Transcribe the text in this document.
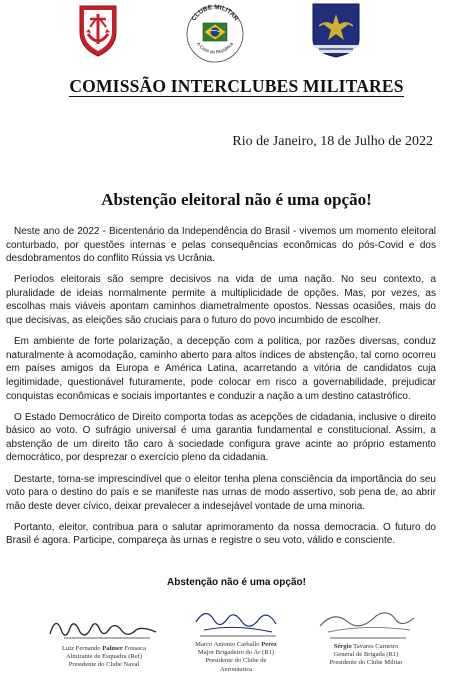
CLUBE MILITAR
A Casa da República
COMISSÃO INTERCLUBES MILITARES
Rio de Janeiro, 18 de Julho de 2022
Abstenção eleitoral não é uma opção!

Neste ano de 2022 - Bicentenário da Independência do Brasil - vivemos um momento eleitoral conturbado, por questões internas e pelas consequências econômicas do pós-Covid e dos desdobramentos do conflito Rússia vs Ucrânia.

Períodos eleitorais são sempre decisivos na vida de uma nação. No seu contexto, a pluralidade de ideias normalmente permite a multiplicidade de opções. Mas, por vezes, as escolhas mais viáveis apontam caminhos diametralmente opostos. Nessas ocasiões, mais do que decisivas, as eleições são cruciais para o futuro do povo incumbido de escolher.

Em ambiente de forte polarização, a decepção com a política, por razões diversas, conduz naturalmente à acomodação, caminho aberto para altos índices de abstenção, tal como ocorreu em países amigos da Europa e América Latina, acarretando a vitória de candidatos cuja legitimidade, questionável futuramente, pode colocar em risco a governabilidade, prejudicar conquistas econômicas e sociais importantes e conduzir a nação a um destino catastrófico.

O Estado Democrático de Direito comporta todas as acepções de cidadania, inclusive o direito básico ao voto. O sufrágio universal é uma garantia fundamental e constitucional. Assim, a abstenção de um direito tão caro à sociedade configura grave acinte ao próprio estamento democrático, por desprezar o exercício pleno da cidadania.

Destarte, torna-se imprescindível que o eleitor tenha plena consciência da importância do seu voto para o destino do país e se manifeste nas urnas de modo assertivo, sob pena de, ao abrir mão deste dever cívico, deixar prevalecer a indesejável vontade de uma minoria.

Portanto, eleitor, contribua para o salutar aprimoramento da nossa democracia. O futuro do Brasil é agora. Participe, compareça às urnas e registre o seu voto, válido e consciente.

Abstenção não é uma opção!
Luiz Fernando Palmer Fonseca
Almirante de Esquadra (Ref)
Presidente do Clube Naval
Marco Antonio Carballo Perez
Major Brigadeiro do Ar (R1)
Presidente do Clube de
Aeronáutica
Sérgio Tavares Carneiro
General de Brigada (R1)
Presidente do Clube Militar
